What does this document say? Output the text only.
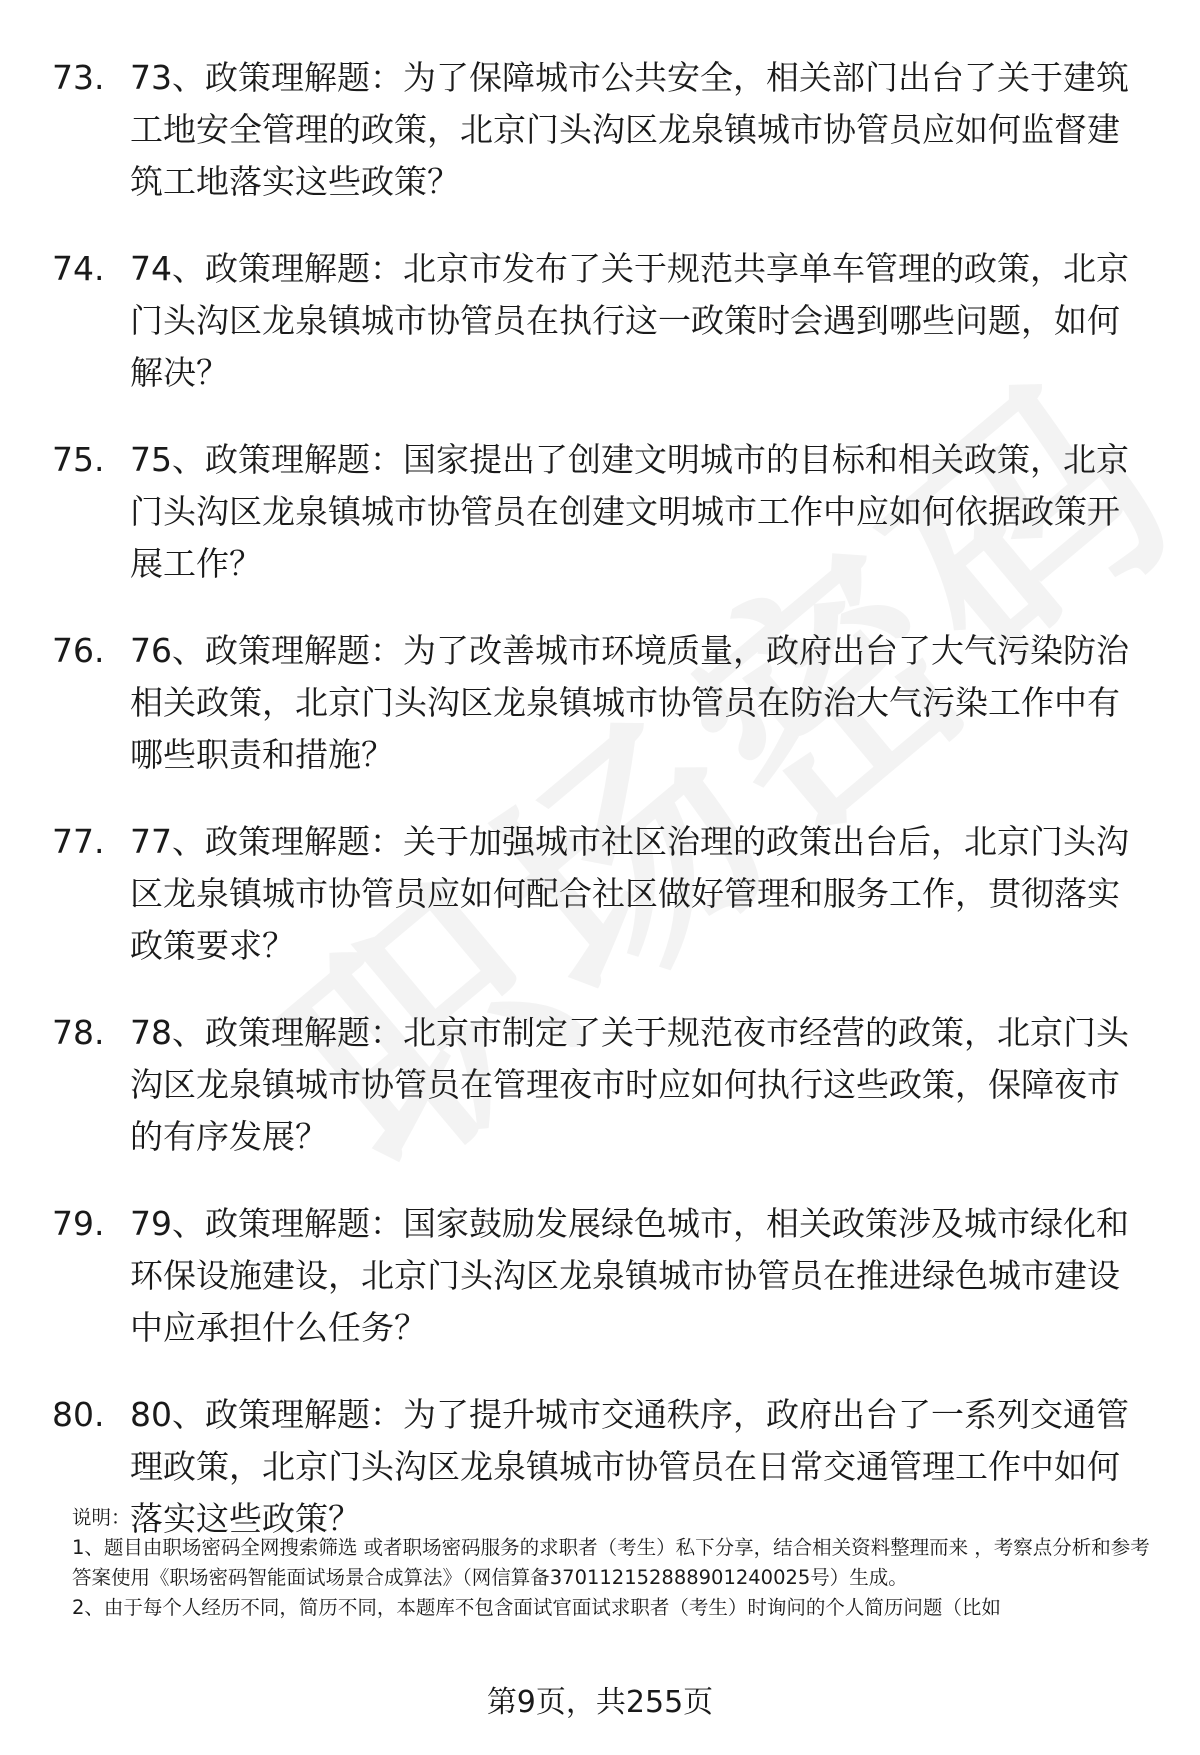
73. 73、政策理解题：为了保障城市公共安全，相关部门出台了关于建筑工地安全管理的政策，北京门头沟区龙泉镇城市协管员应如何监督建筑工地落实这些政策？
74. 74、政策理解题：北京市发布了关于规范共享单车管理的政策，北京门头沟区龙泉镇城市协管员在执行这一政策时会遇到哪些问题，如何解决？
75. 75、政策理解题：国家提出了创建文明城市的目标和相关政策，北京门头沟区龙泉镇城市协管员在创建文明城市工作中应如何依据政策开展工作？
76. 76、政策理解题：为了改善城市环境质量，政府出台了大气污染防治相关政策，北京门头沟区龙泉镇城市协管员在防治大气污染工作中有哪些职责和措施？
77. 77、政策理解题：关于加强城市社区治理的政策出台后，北京门头沟区龙泉镇城市协管员应如何配合社区做好管理和服务工作，贯彻落实政策要求？
78. 78、政策理解题：北京市制定了关于规范夜市经营的政策，北京门头沟区龙泉镇城市协管员在管理夜市时应如何执行这些政策，保障夜市的有序发展？
79. 79、政策理解题：国家鼓励发展绿色城市，相关政策涉及城市绿化和环保设施建设，北京门头沟区龙泉镇城市协管员在推进绿色城市建设中应承担什么任务？
80. 80、政策理解题：为了提升城市交通秩序，政府出台了一系列交通管理政策，北京门头沟区龙泉镇城市协管员在日常交通管理工作中如何落实这些政策？
说明：
1、题目由职场密码全网搜索筛选 或者职场密码服务的求职者（考生）私下分享，结合相关资料整理而来 ，考察点分析和参考答案使用《职场密码智能面试场景合成算法》（网信算备370112152888901240025号）生成。
2、由于每个人经历不同，简历不同，本题库不包含面试官面试求职者（考生）时询问的个人简历问题（比如
第9页，共255页
